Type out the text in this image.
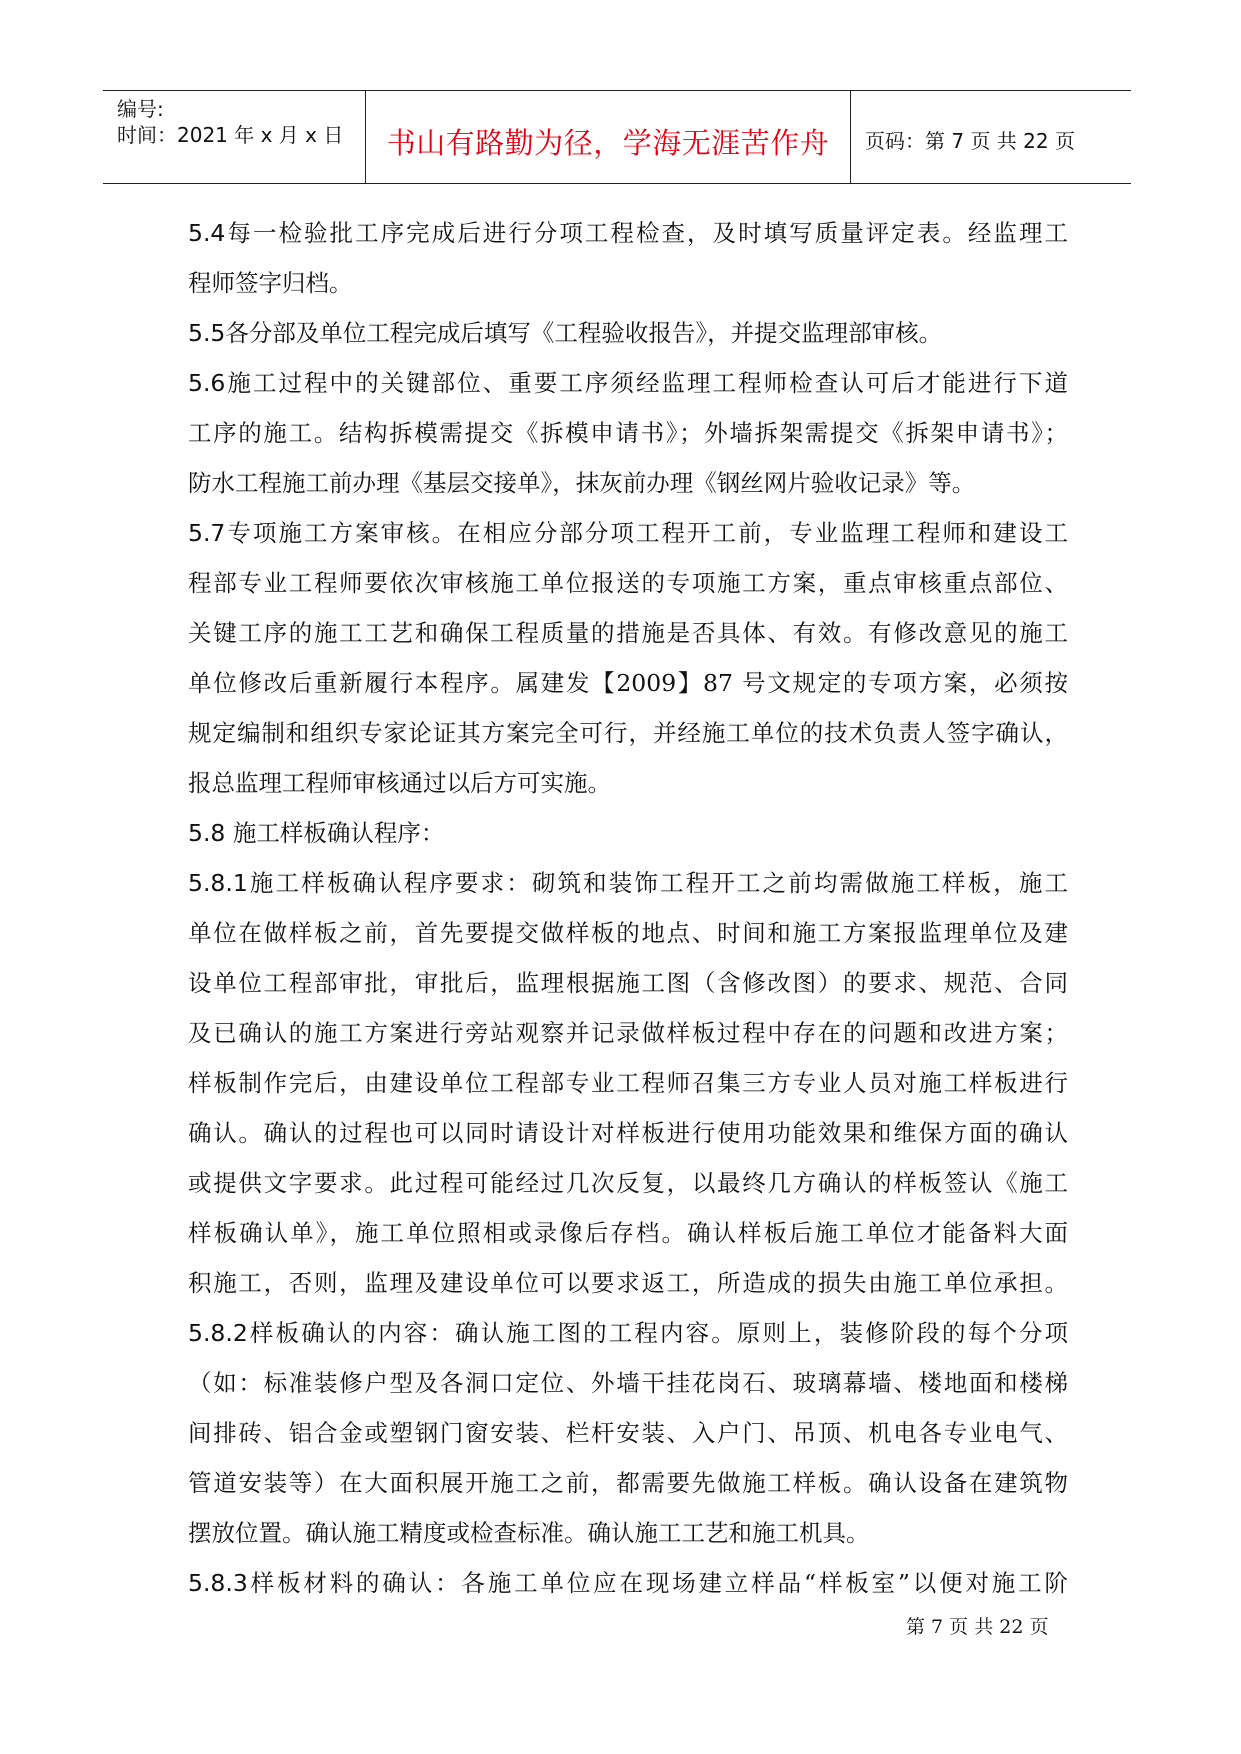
编号:
时间：2021 年 x 月 x 日	书山有路勤为径，学海无涯苦作舟	页码：第 7 页 共 22 页
5.4每一检验批工序完成后进行分项工程检查，及时填写质量评定表。经监理工
程师签字归档。
5.5各分部及单位工程完成后填写《工程验收报告》，并提交监理部审核。
5.6施工过程中的关键部位、重要工序须经监理工程师检查认可后才能进行下道
工序的施工。结构拆模需提交《拆模申请书》；外墙拆架需提交《拆架申请书》；
防水工程施工前办理《基层交接单》，抹灰前办理《钢丝网片验收记录》等。
5.7专项施工方案审核。在相应分部分项工程开工前，专业监理工程师和建设工
程部专业工程师要依次审核施工单位报送的专项施工方案，重点审核重点部位、
关键工序的施工工艺和确保工程质量的措施是否具体、有效。有修改意见的施工
单位修改后重新履行本程序。属建发【2009】87 号文规定的专项方案，必须按
规定编制和组织专家论证其方案完全可行，并经施工单位的技术负责人签字确认，
报总监理工程师审核通过以后方可实施。
5.8 施工样板确认程序：
5.8.1施工样板确认程序要求：砌筑和装饰工程开工之前均需做施工样板，施工
单位在做样板之前，首先要提交做样板的地点、时间和施工方案报监理单位及建
设单位工程部审批，审批后，监理根据施工图（含修改图）的要求、规范、合同
及已确认的施工方案进行旁站观察并记录做样板过程中存在的问题和改进方案；
样板制作完后，由建设单位工程部专业工程师召集三方专业人员对施工样板进行
确认。确认的过程也可以同时请设计对样板进行使用功能效果和维保方面的确认
或提供文字要求。此过程可能经过几次反复，以最终几方确认的样板签认《施工
样板确认单》，施工单位照相或录像后存档。确认样板后施工单位才能备料大面
积施工，否则，监理及建设单位可以要求返工，所造成的损失由施工单位承担。
5.8.2样板确认的内容：确认施工图的工程内容。原则上，装修阶段的每个分项
（如：标准装修户型及各洞口定位、外墙干挂花岗石、玻璃幕墙、楼地面和楼梯
间排砖、铝合金或塑钢门窗安装、栏杆安装、入户门、吊顶、机电各专业电气、
管道安装等）在大面积展开施工之前，都需要先做施工样板。确认设备在建筑物
摆放位置。确认施工精度或检查标准。确认施工工艺和施工机具。
5.8.3样板材料的确认：各施工单位应在现场建立样品“样板室”以便对施工阶
第 7 页 共 22 页
